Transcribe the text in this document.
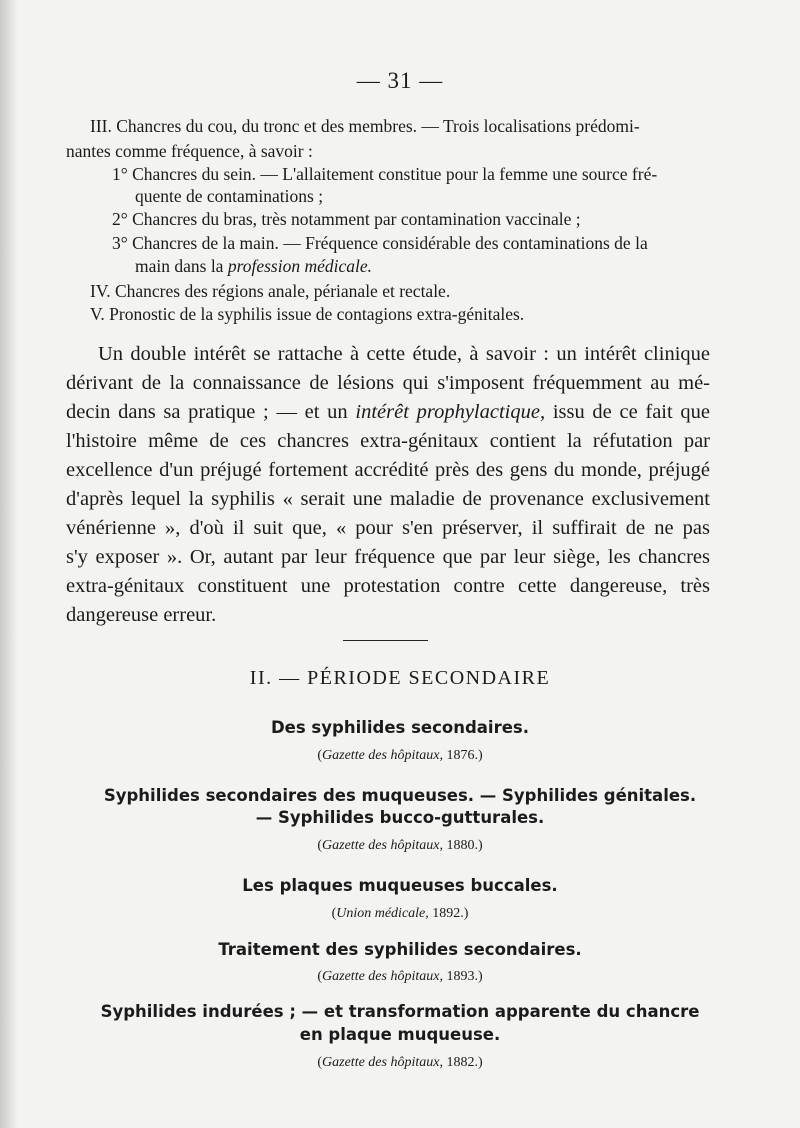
— 31 —
III. Chancres du cou, du tronc et des membres. — Trois localisations prédomi-
nantes comme fréquence, à savoir :
1° Chancres du sein. — L'allaitement constitue pour la femme une source fré-
quente de contaminations ;
2° Chancres du bras, très notamment par contamination vaccinale ;
3° Chancres de la main. — Fréquence considérable des contaminations de la
main dans la profession médicale.
IV. Chancres des régions anale, périanale et rectale.
V. Pronostic de la syphilis issue de contagions extra-génitales.
Un double intérêt se rattache à cette étude, à savoir : un intérêt clinique
dérivant de la connaissance de lésions qui s'imposent fréquemment au mé-
decin dans sa pratique ; — et un intérêt prophylactique, issu de ce fait que
l'histoire même de ces chancres extra-génitaux contient la réfutation par
excellence d'un préjugé fortement accrédité près des gens du monde, préjugé
d'après lequel la syphilis « serait une maladie de provenance exclusivement
vénérienne », d'où il suit que, « pour s'en préserver, il suffirait de ne pas
s'y exposer ». Or, autant par leur fréquence que par leur siège, les chancres
extra-génitaux constituent une protestation contre cette dangereuse, très
dangereuse erreur.
II. — PÉRIODE SECONDAIRE
Des syphilides secondaires.
(Gazette des hôpitaux, 1876.)
Syphilides secondaires des muqueuses. — Syphilides génitales.
— Syphilides bucco-gutturales.
(Gazette des hôpitaux, 1880.)
Les plaques muqueuses buccales.
(Union médicale, 1892.)
Traitement des syphilides secondaires.
(Gazette des hôpitaux, 1893.)
Syphilides indurées ; — et transformation apparente du chancre
en plaque muqueuse.
(Gazette des hôpitaux, 1882.)
